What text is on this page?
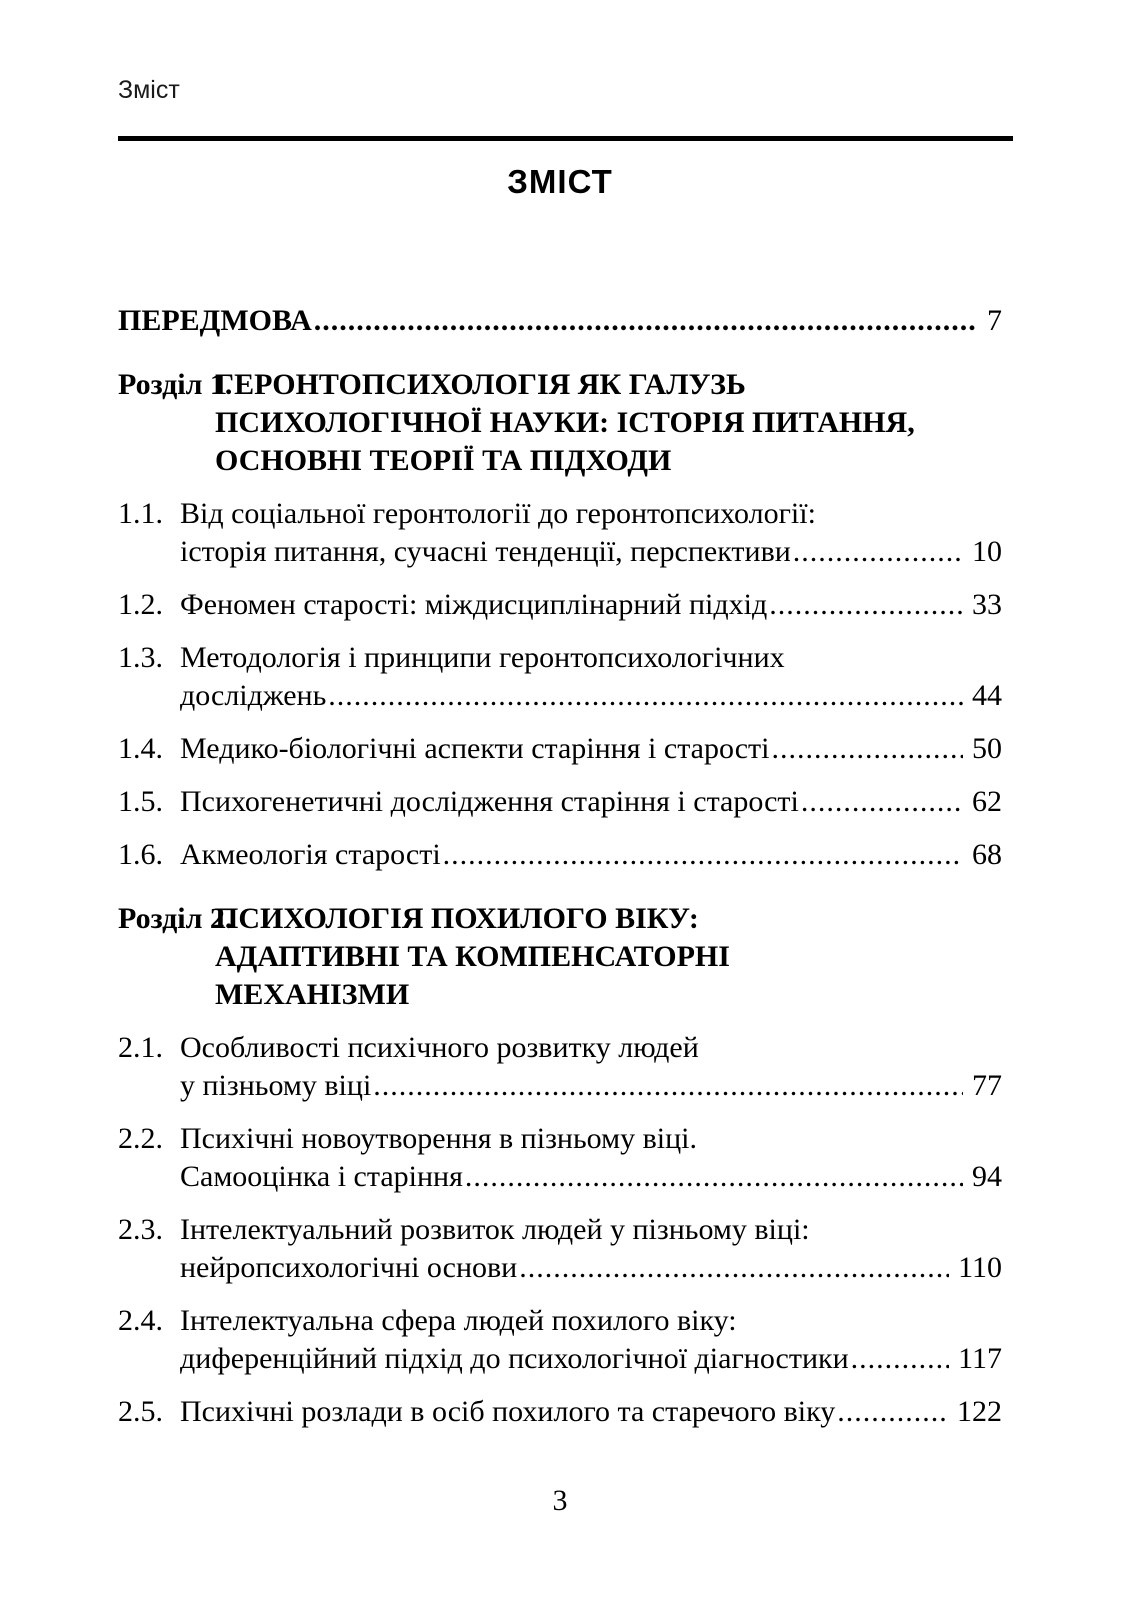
Зміст
ЗМІСТ
ПЕРЕДМОВА .....	7
Розділ 1.
ГЕРОНТОПСИХОЛОГІЯ ЯК ГАЛУЗЬ
ПСИХОЛОГІЧНОЇ НАУКИ: ІСТОРІЯ ПИТАННЯ,
ОСНОВНІ ТЕОРІЇ ТА ПІДХОДИ
1.1. Від соціальної геронтології до геронтопсихології:
історія питання, сучасні тенденції, перспективи .....	10
1.2. Феномен старості: міждисциплінарний підхід .....	33
1.3. Методологія і принципи геронтопсихологічних
досліджень .....	44
1.4. Медико-біологічні аспекти старіння і старості .....	50
1.5. Психогенетичні дослідження старіння і старості .....	62
1.6. Акмеологія старості .....	68
Розділ 2.
ПСИХОЛОГІЯ ПОХИЛОГО ВІКУ:
АДАПТИВНІ ТА КОМПЕНСАТОРНІ
МЕХАНІЗМИ
2.1. Особливості психічного розвитку людей
у пізньому віці .....	77
2.2. Психічні новоутворення в пізньому віці.
Самооцінка і старіння .....	94
2.3. Інтелектуальний розвиток людей у пізньому віці:
нейропсихологічні основи .....	110
2.4. Інтелектуальна сфера людей похилого віку:
диференційний підхід до психологічної діагностики .....	117
2.5. Психічні розлади в осіб похилого та старечого віку .....	122
3
